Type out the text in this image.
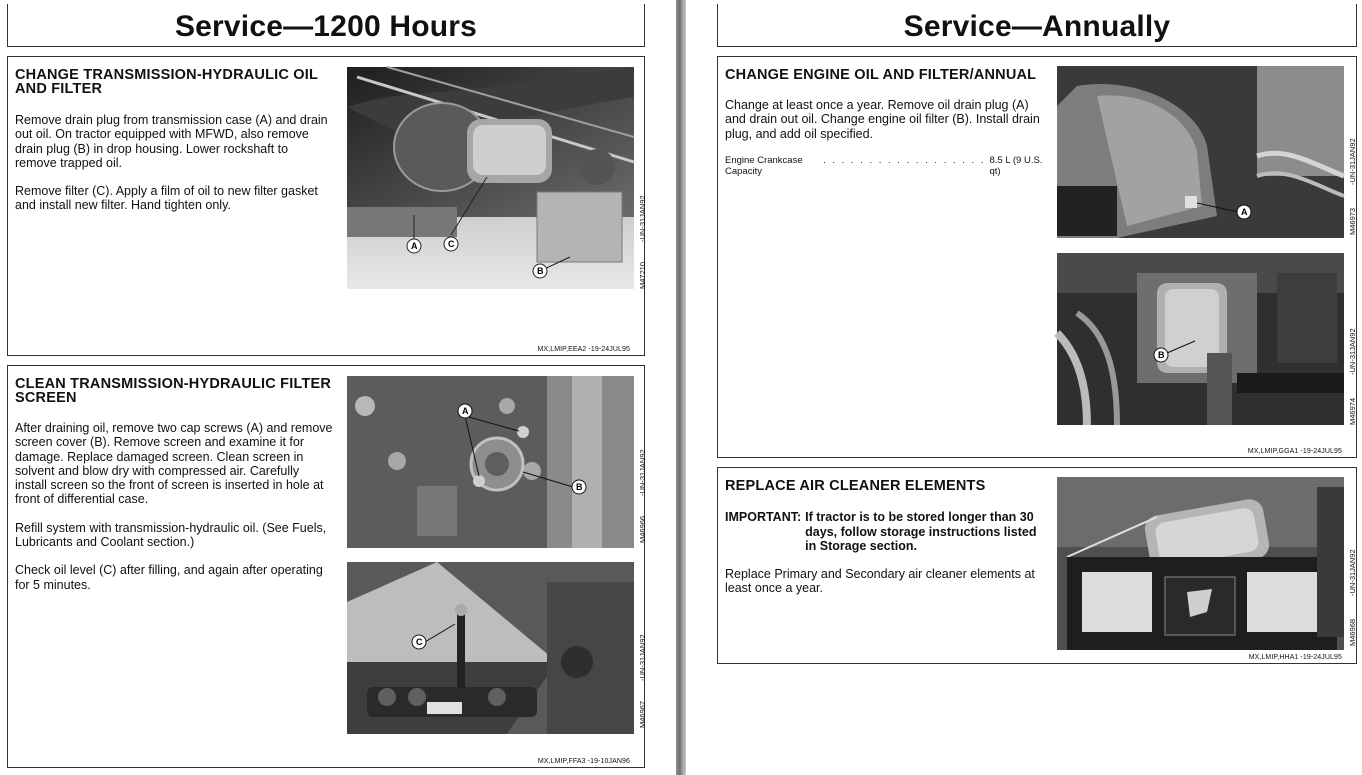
Service—1200 Hours
CHANGE TRANSMISSION-HYDRAULIC OIL AND FILTER

Remove drain plug from transmission case (A) and drain out oil. On tractor equipped with MFWD, also remove drain plug (B) in drop housing. Lower rockshaft to remove trapped oil.

Remove filter (C). Apply a film of oil to new filter gasket and install new filter. Hand tighten only.

A	C
B
-UN-31JAN92
M47210
MX,LMIP,EEA2 -19-24JUL95
CLEAN TRANSMISSION-HYDRAULIC FILTER SCREEN

After draining oil, remove two cap screws (A) and remove screen cover (B). Remove screen and examine it for damage. Replace damaged screen. Clean screen in solvent and blow dry with compressed air. Carefully install screen so the front of screen is inserted in hole at front of differential case.

Refill system with transmission-hydraulic oil. (See Fuels, Lubricants and Coolant section.)

Check oil level (C) after filling, and again after operating for 5 minutes.

A
B	-UN-31JAN92
M46966
C	-UN-31JAN92
M46967
MX,LMIP,FFA3 -19-10JAN96
Service—Annually
CHANGE ENGINE OIL AND FILTER/ANNUAL

Change at least once a year. Remove oil drain plug (A) and drain out oil. Change engine oil filter (B). Install drain plug, and add oil specified.

Engine Crankcase Capacity
. . . . . . . . . . . . . . . . . . 8.5 L (9 U.S. qt)
A
-UN-31JAN92
M46973
B	-UN-31JAN92
M46974
MX,LMIP,GGA1 -19-24JUL95
REPLACE AIR CLEANER ELEMENTS
IMPORTANT: If tractor is to be stored longer than 30 days, follow storage instructions listed in Storage section.

Replace Primary and Secondary air cleaner elements at least once a year.	-UN-31JAN92
M46968
MX,LMIP,HHA1 -19-24JUL95
